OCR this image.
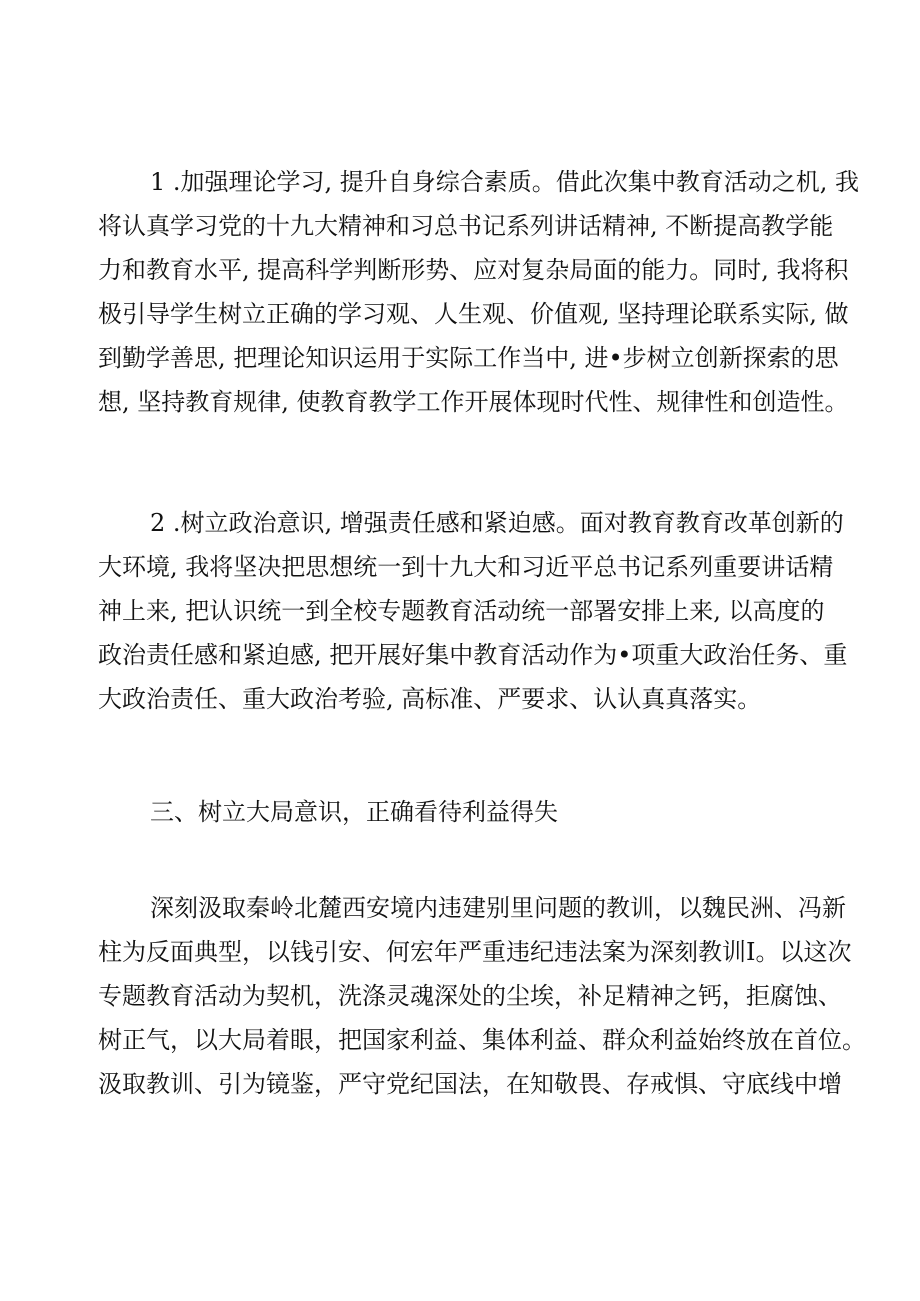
1 .加强理论学习, 提升自身综合素质。借此次集中教育活动之机, 我
将认真学习党的十九大精神和习总书记系列讲话精神, 不断提高教学能
力和教育水平, 提高科学判断形势、应对复杂局面的能力。同时, 我将积
极引导学生树立正确的学习观、人生观、价值观, 坚持理论联系实际, 做
到勤学善思, 把理论知识运用于实际工作当中, 进•步树立创新探索的思
想, 坚持教育规律, 使教育教学工作开展体现时代性、规律性和创造性。
2 .树立政治意识, 增强责任感和紧迫感。面对教育教育改革创新的
大环境, 我将坚决把思想统一到十九大和习近平总书记系列重要讲话精
神上来, 把认识统一到全校专题教育活动统一部署安排上来, 以高度的
政治责任感和紧迫感, 把开展好集中教育活动作为•项重大政治任务、重
大政治责任、重大政治考验, 高标准、严要求、认认真真落实。
三、树立大局意识，正确看待利益得失
深刻汲取秦岭北麓西安境内违建别里问题的教训，以魏民洲、冯新
柱为反面典型，以钱引安、何宏年严重违纪违法案为深刻教训I。以这次
专题教育活动为契机，洗涤灵魂深处的尘埃，补足精神之钙，拒腐蚀、
树正气，以大局着眼，把国家利益、集体利益、群众利益始终放在首位。
汲取教训、引为镜鉴，严守党纪国法，在知敬畏、存戒惧、守底线中增
